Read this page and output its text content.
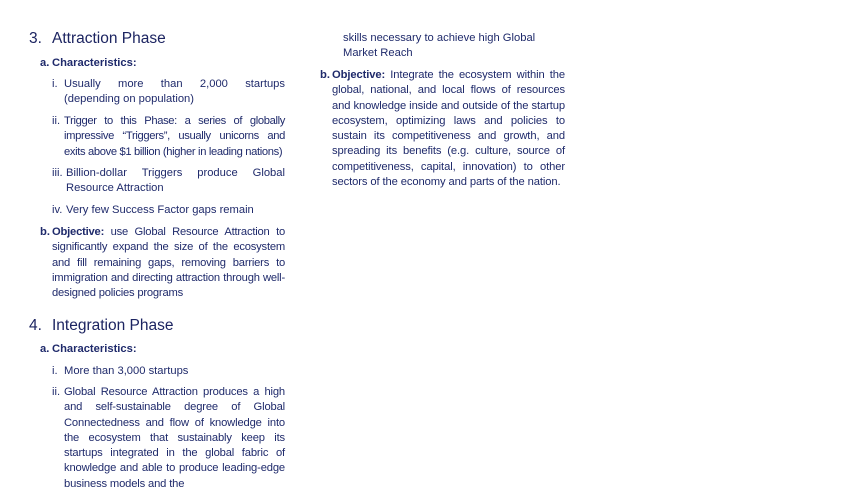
3. Attraction Phase
a. Characteristics:
i. Usually more than 2,000 startups (depending on population)
ii. Trigger to this Phase: a series of globally impressive “Triggers”, usually unicorns and exits above $1 billion (higher in leading nations)
iii. Billion-dollar Triggers produce Global Resource Attraction
iv. Very few Success Factor gaps remain
b. Objective: use Global Resource Attraction to significantly expand the size of the ecosystem and fill remaining gaps, removing barriers to immigration and directing attraction through well-designed policies programs
4. Integration Phase
a. Characteristics:
i. More than 3,000 startups
ii. Global Resource Attraction produces a high and self-sustainable degree of Global Connectedness and flow of knowledge into the ecosystem that sustainably keep its startups integrated in the global fabric of knowledge and able to produce leading-edge business models and the
skills necessary to achieve high Global Market Reach
b. Objective: Integrate the ecosystem within the global, national, and local flows of resources and knowledge inside and outside of the startup ecosystem, optimizing laws and policies to sustain its competitiveness and growth, and spreading its benefits (e.g. culture, source of competitiveness, capital, innovation) to other sectors of the economy and parts of the nation.
